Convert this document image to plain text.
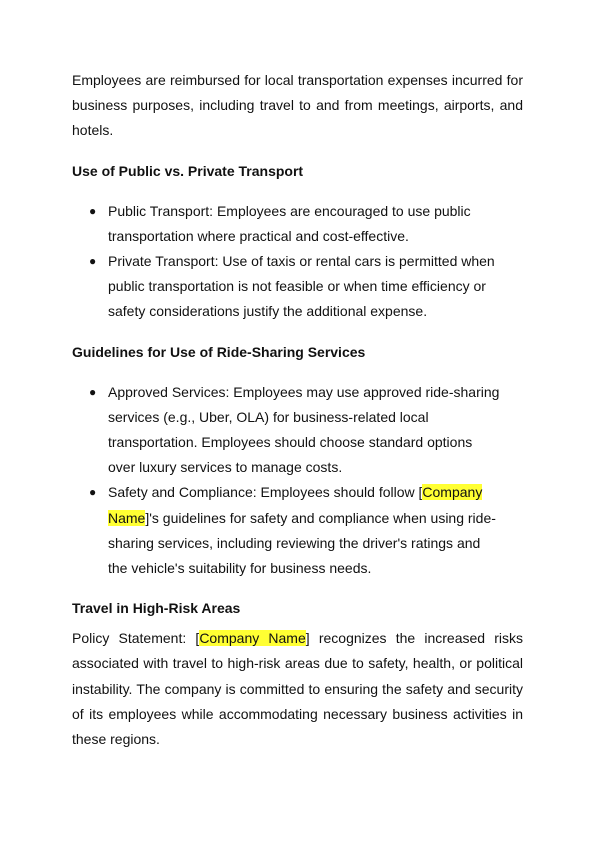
Employees are reimbursed for local transportation expenses incurred for business purposes, including travel to and from meetings, airports, and hotels.

Use of Public vs. Private Transport

● Public Transport: Employees are encouraged to use public transportation where practical and cost-effective.
● Private Transport: Use of taxis or rental cars is permitted when public transportation is not feasible or when time efficiency or safety considerations justify the additional expense.

Guidelines for Use of Ride-Sharing Services

● Approved Services: Employees may use approved ride-sharing services (e.g., Uber, OLA) for business-related local transportation. Employees should choose standard options over luxury services to manage costs.
● Safety and Compliance: Employees should follow [Company Name]'s guidelines for safety and compliance when using ride-sharing services, including reviewing the driver's ratings and the vehicle's suitability for business needs.

Travel in High-Risk Areas

Policy Statement: [Company Name] recognizes the increased risks associated with travel to high-risk areas due to safety, health, or political instability. The company is committed to ensuring the safety and security of its employees while accommodating necessary business activities in these regions.
